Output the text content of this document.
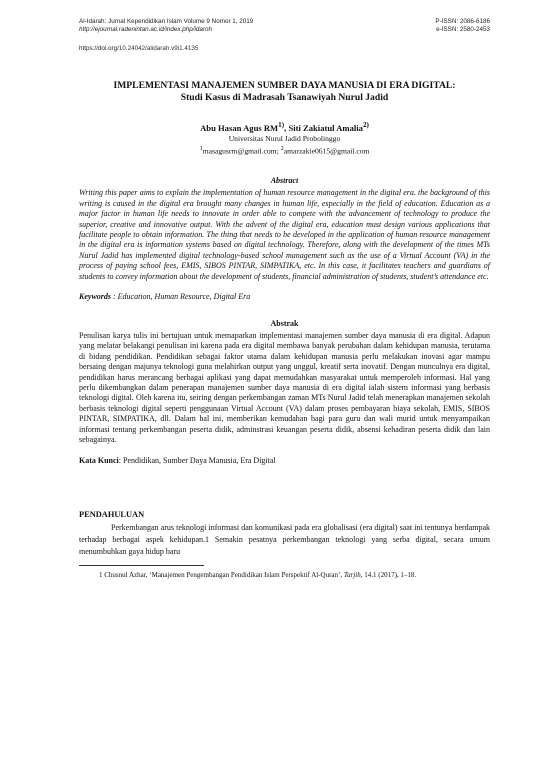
Al-Idarah: Jurnal Kependidikan Islam Volume 9 Nomor 1, 2019	P-ISSN: 2086-6186
http://ejournal.radenintan.ac.id/index.php/idaroh	e-ISSN: 2580-2453
https://doi.org/10.24042/alidarah.v9i1.4135
IMPLEMENTASI MANAJEMEN SUMBER DAYA MANUSIA DI ERA DIGITAL:
Studi Kasus di Madrasah Tsanawiyah Nurul Jadid
Abu Hasan Agus RM$^{1)}$, Siti Zakiatul Amalia$^{2)}$
Universitas Nurul Jadid Probolinggo
$^1$masagusrm@gmail.com; $^2$amarzakie0615@gmail.com
Abstract
Writing this paper aims to explain the implementation of human resource management in the digital era. the background of this writing is caused in the digital era brought many changes in human life, especially in the field of education. Education as a major factor in human life needs to innovate in order able to compete with the advancement of technology to produce the superior, creative and innovative output. With the advent of the digital era, education must design various applications that facilitate people to obtain information. The thing that needs to be developed in the application of human resource management in the digital era is information systems based on digital technology. Therefore, along with the development of the times MTs Nurul Jadid has implemented digital technology-based school management such as the use of a Virtual Account (VA) in the process of paying school fees, EMIS, SIBOS PINTAR, SIMPATIKA, etc. In this case, it facilitates teachers and guardians of students to convey information about the development of students, financial administration of students, student’s attendance etc.
Keywords : Education, Human Resource, Digital Era
Abstrak
Penulisan karya tulis ini bertujuan untuk memaparkan implementasi manajemen sumber daya manusia di era digital. Adapun yang melatar belakangi penulisan ini karena pada era digital membawa banyak perubahan dalam kehidupan manusia, terutama di bidang pendidikan. Pendidikan sebagai faktor utama dalam kehidupan manusia perlu melakukan inovasi agar mampu bersaing dengan majunya teknologi guna melahirkan output yang unggul, kreatif serta inovatif. Dengan munculnya era digital, pendidikan harus merancang berbagai aplikasi yang dapat memudahkan masyarakat untuk memperoleh informasi. Hal yang perlu dikembangkan dalam penerapan manajemen sumber daya manusia di era digital ialah sistem informasi yang berbasis teknologi digital. Oleh karena itu, seiring dengan perkembangan zaman MTs Nurul Jadid telah menerapkan manajemen sekolah berbasis teknologi digital seperti penggunaan Virtual Account (VA) dalam proses pembayaran biaya sekolah, EMIS, SIBOS PINTAR, SIMPATIKA, dll. Dalam hal ini, memberikan kemudahan bagi para guru dan wali murid untuk menyampaikan informasi tentang perkembangan peserta didik, adminstrasi keuangan peserta didik, absensi kehadiran peserta didik dan lain sebagainya.
Kata Kunci: Pendidikan, Sumber Daya Manusia, Era Digital
PENDAHULUAN
Perkembangan arus teknologi informasi dan komunikasi pada era globalisasi (era digital) saat ini tentunya berdampak terhadap berbagai aspek kehidupan.1 Semakin pesatnya perkembangan teknologi yang serba digital, secara umum menumbuhkan gaya hidup baru
1 Chusnul Azhar, ‘Manajemen Pengembangan Pendidikan Islam Perspektif Al-Quran’, Tarjih, 14.1 (2017), 1–18.
